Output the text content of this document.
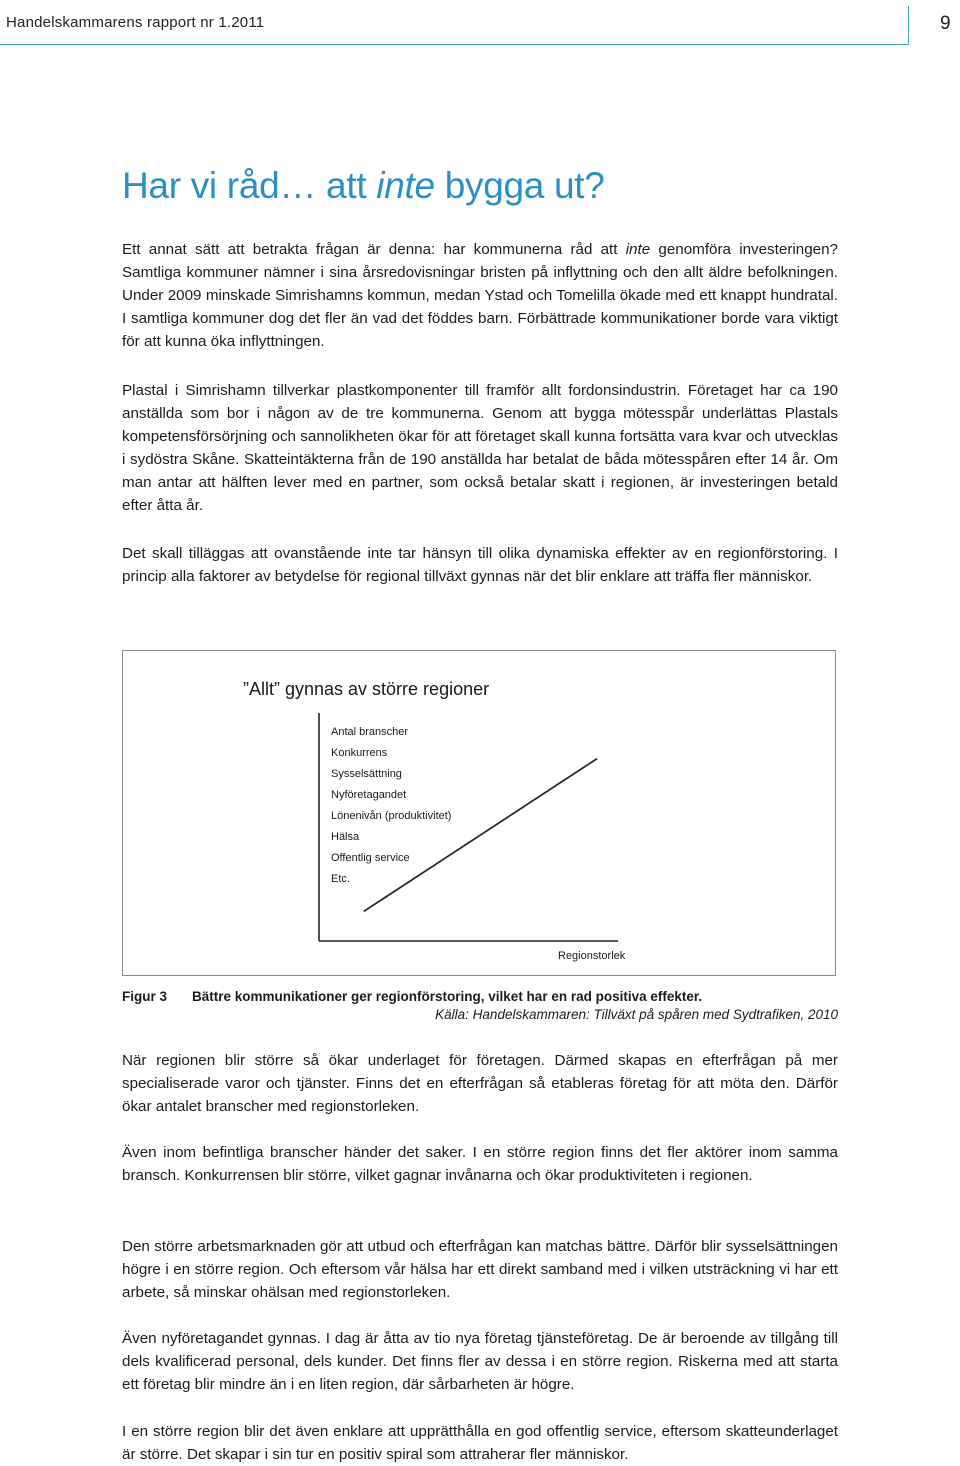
Handelskammarens rapport nr 1.2011	9
Har vi råd… att inte bygga ut?

Ett annat sätt att betrakta frågan är denna: har kommunerna råd att inte genomföra investeringen? Samtliga kommuner nämner i sina årsredovisningar bristen på inflyttning och den allt äldre befolkningen. Under 2009 minskade Simrishamns kommun, medan Ystad och Tomelilla ökade med ett knappt hundratal. I samtliga kommuner dog det fler än vad det föddes barn. Förbättrade kommunikationer borde vara viktigt för att kunna öka inflyttningen.

Plastal i Simrishamn tillverkar plastkomponenter till framför allt fordonsindustrin. Företaget har ca 190 anställda som bor i någon av de tre kommunerna. Genom att bygga mötesspår underlättas Plastals kompetensförsörjning och sannolikheten ökar för att företaget skall kunna fortsätta vara kvar och utvecklas i sydöstra Skåne. Skatteintäkterna från de 190 anställda har betalat de båda mötesspåren efter 14 år. Om man antar att hälften lever med en partner, som också betalar skatt i regionen, är investeringen betald efter åtta år.

Det skall tilläggas att ovanstående inte tar hänsyn till olika dynamiska effekter av en regionförstoring. I princip alla faktorer av betydelse för regional tillväxt gynnas när det blir enklare att träffa fler människor.

”Allt” gynnas av större regioner
Antal branscher
Konkurrens
Sysselsättning
Nyföretagandet
Lönenivån (produktivitet)
Hälsa
Offentlig service
Etc.
Regionstorlek
Figur 3 Bättre kommunikationer ger regionförstoring, vilket har en rad positiva effekter.
Källa: Handelskammaren: Tillväxt på spåren med Sydtrafiken, 2010

När regionen blir större så ökar underlaget för företagen. Därmed skapas en efterfrågan på mer specialiserade varor och tjänster. Finns det en efterfrågan så etableras företag för att möta den. Därför ökar antalet branscher med regionstorleken.

Även inom befintliga branscher händer det saker. I en större region finns det fler aktörer inom samma bransch. Konkurrensen blir större, vilket gagnar invånarna och ökar produktiviteten i regionen.

Den större arbetsmarknaden gör att utbud och efterfrågan kan matchas bättre. Därför blir sysselsättningen högre i en större region. Och eftersom vår hälsa har ett direkt samband med i vilken utsträckning vi har ett arbete, så minskar ohälsan med regionstorleken.

Även nyföretagandet gynnas. I dag är åtta av tio nya företag tjänsteföretag. De är beroende av tillgång till dels kvalificerad personal, dels kunder. Det finns fler av dessa i en större region. Riskerna med att starta ett företag blir mindre än i en liten region, där sårbarheten är högre.

I en större region blir det även enklare att upprätthålla en god offentlig service, eftersom skatteunderlaget är större. Det skapar i sin tur en positiv spiral som attraherar fler människor.
